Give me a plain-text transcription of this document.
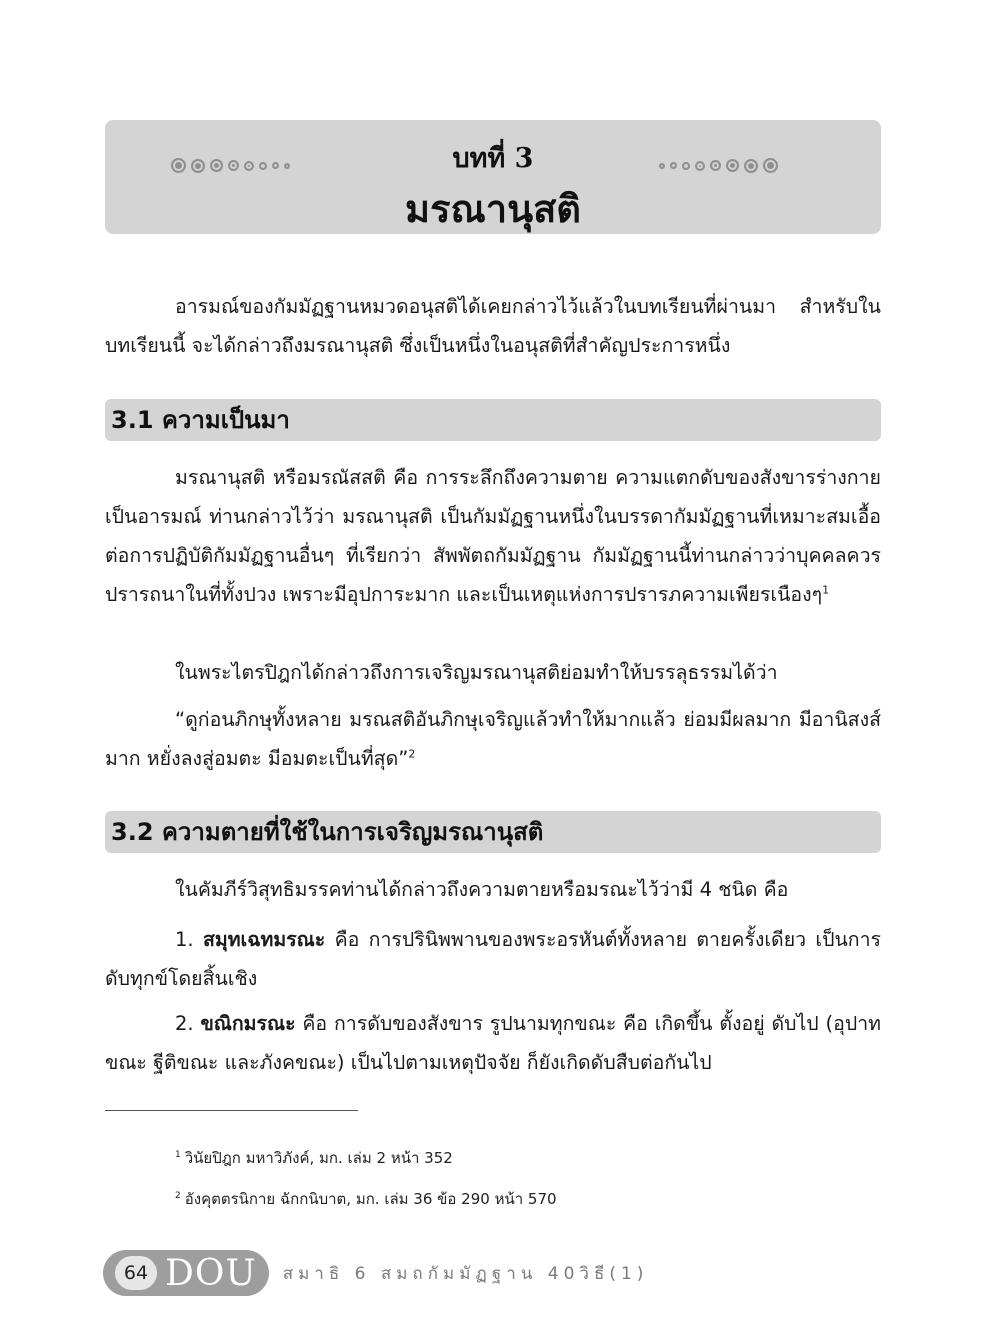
บทที่ 3
มรณานุสติ

อารมณ์ของกัมมัฏฐานหมวดอนุสติได้เคยกล่าวไว้แล้วในบทเรียนที่ผ่านมา สำหรับในบทเรียนนี้ จะได้กล่าวถึงมรณานุสติ ซึ่งเป็นหนึ่งในอนุสติที่สำคัญประการหนึ่ง

3.1 ความเป็นมา

มรณานุสติ หรือมรณัสสติ คือ การระลึกถึงความตาย ความแตกดับของสังขารร่างกายเป็นอารมณ์ ท่านกล่าวไว้ว่า มรณานุสติ เป็นกัมมัฏฐานหนึ่งในบรรดากัมมัฏฐานที่เหมาะสมเอื้อต่อการปฏิบัติกัมมัฏฐานอื่นๆ ที่เรียกว่า สัพพัตถกัมมัฏฐาน กัมมัฏฐานนี้ท่านกล่าวว่าบุคคลควรปรารถนาในที่ทั้งปวง เพราะมีอุปการะมาก และเป็นเหตุแห่งการปรารภความเพียรเนืองๆ$^1$

ในพระไตรปิฎกได้กล่าวถึงการเจริญมรณานุสติย่อมทำให้บรรลุธรรมได้ว่า

“ดูก่อนภิกษุทั้งหลาย มรณสติอันภิกษุเจริญแล้วทำให้มากแล้ว ย่อมมีผลมาก มีอานิสงส์มาก หยั่งลงสู่อมตะ มีอมตะเป็นที่สุด”$^2$

3.2 ความตายที่ใช้ในการเจริญมรณานุสติ

ในคัมภีร์วิสุทธิมรรคท่านได้กล่าวถึงความตายหรือมรณะไว้ว่ามี 4 ชนิด คือ

1. สมุทเฉทมรณะ คือ การปรินิพพานของพระอรหันต์ทั้งหลาย ตายครั้งเดียว เป็นการดับทุกข์โดยสิ้นเชิง

2. ขณิกมรณะ คือ การดับของสังขาร รูปนามทุกขณะ คือ เกิดขึ้น ตั้งอยู่ ดับไป (อุปาทขณะ ฐีติขณะ และภังคขณะ) เป็นไปตามเหตุปัจจัย ก็ยังเกิดดับสืบต่อกันไป

$^1$ วินัยปิฎก มหาวิภังค์, มก. เล่ม 2 หน้า 352
$^2$ อังคุตตรนิกาย ฉักกนิบาต, มก. เล่ม 36 ข้อ 290 หน้า 570
64 DOU สมาธิ 6 สมถกัมมัฏฐาน 40วิธี(1)
